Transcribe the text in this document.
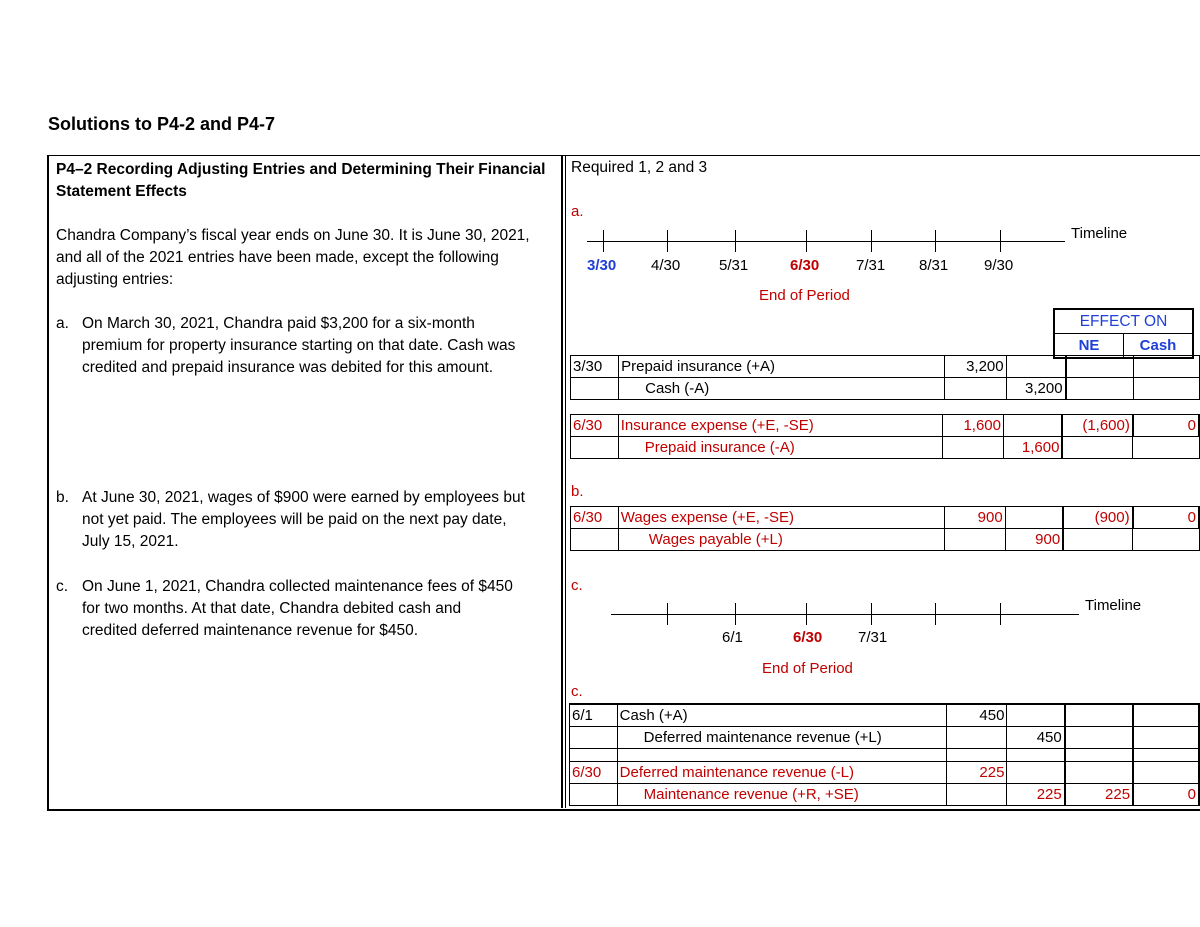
Solutions to P4-2 and P4-7
P4–2 Recording Adjusting Entries and Determining Their Financial
Statement Effects
Chandra Company’s fiscal year ends on June 30. It is June 30, 2021,
and all of the 2021 entries have been made, except the following
adjusting entries:
a. On March 30, 2021, Chandra paid $3,200 for a six-month
premium for property insurance starting on that date. Cash was
credited and prepaid insurance was debited for this amount.
b. At June 30, 2021, wages of $900 were earned by employees but
not yet paid. The employees will be paid on the next pay date,
July 15, 2021.
c. On June 1, 2021, Chandra collected maintenance fees of $450
for two months. At that date, Chandra debited cash and
credited deferred maintenance revenue for $450.
Required 1, 2 and 3
a.
Timeline
3/30 4/30	5/31	6/30 7/31 8/31 9/30
End of Period
EFFECT ON
NE	Cash
3/30	Prepaid insurance (+A)	3,200			
	Cash (-A)		3,200		
6/30	Insurance expense (+E, -SE)	1,600		(1,600)	0
	Prepaid insurance (-A)		1,600		
b.
6/30	Wages expense (+E, -SE)	900		(900)	0
	Wages payable (+L)		900		
c.
Timeline
6/1	6/30 7/31
End of Period
c.
6/1	Cash (+A)	450			
	Deferred maintenance revenue (+L)		450		

6/30	Deferred maintenance revenue (-L)	225			
	Maintenance revenue (+R, +SE)		225	225	0
